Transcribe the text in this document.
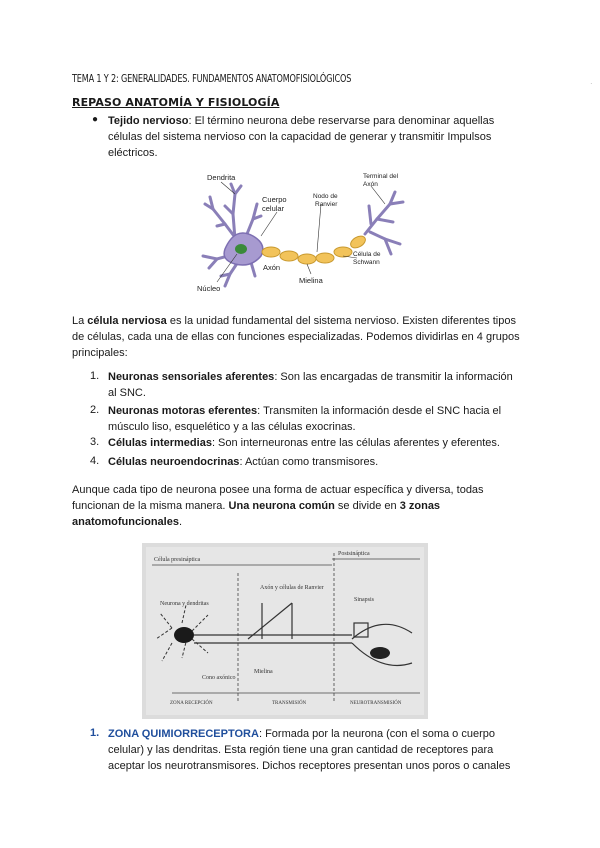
TEMA 1 Y 2: GENERALIDADES. FUNDAMENTOS ANATOMOFISIOLÓGICOS	.
REPASO ANATOMÍA Y FISIOLOGÍA
● Tejido nervioso: El término neurona debe reservarse para denominar aquellas
células del sistema nervioso con la capacidad de generar y transmitir Impulsos
eléctricos.
Dendrita
Cuerpo
celular
Nodo de
Ranvier
Terminal del
Axón
Axón
Célula de
Schwann
Mielina
Núcleo
La célula nerviosa es la unidad fundamental del sistema nervioso. Existen diferentes tipos
de células, cada una de ellas con funciones especializadas. Podemos dividirlas en 4 grupos
principales:
1. Neuronas sensoriales aferentes: Son las encargadas de transmitir la información
al SNC.
2. Neuronas motoras eferentes: Transmiten la información desde el SNC hacia el
músculo liso, esquelético y a las células exocrinas.
3. Células intermedias: Son interneuronas entre las células aferentes y eferentes.
4. Células neuroendocrinas: Actúan como transmisores.
Aunque cada tipo de neurona posee una forma de actuar específica y diversa, todas
funcionan de la misma manera. Una neurona común se divide en 3 zonas
anatomofuncionales.
Célula presináptica
Postsináptica
Neurona y dendritas
Axón y células de Ranvier
Sinapsis
Cono axónico
Mielina
ZONA RECEPCIÓN	TRANSMISIÓN	NEUROTRANSMISIÓN
1. ZONA QUIMIORRECEPTORA: Formada por la neurona (con el soma o cuerpo
celular) y las dendritas. Esta región tiene una gran cantidad de receptores para
aceptar los neurotransmisores. Dichos receptores presentan unos poros o canales
